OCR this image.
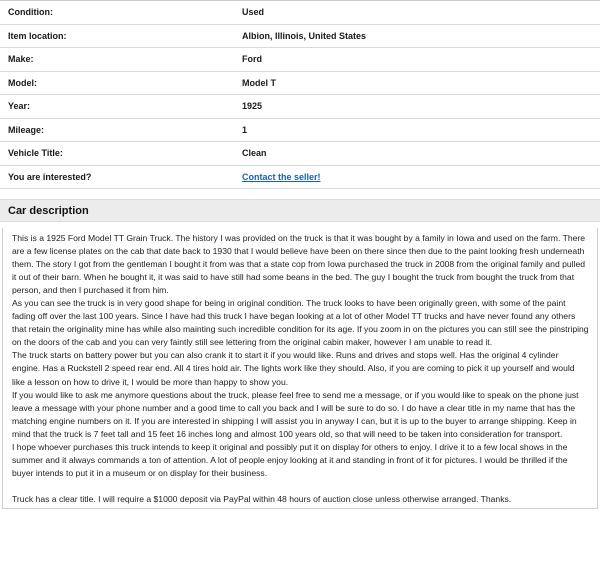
Condition:	Used
Item location:	Albion, Illinois, United States
Make:	Ford
Model:	Model T
Year:	1925
Mileage:	1
Vehicle Title:	Clean
You are interested?	Contact the seller!
Car description

This is a 1925 Ford Model TT Grain Truck. The history I was provided on the truck is that it was bought by a family in Iowa and used on the farm. There are a few license plates on the cab that date back to 1930 that I would believe have been on there since then due to the paint looking fresh underneath them. The story I got from the gentleman I bought it from was that a state cop from Iowa purchased the truck in 2008 from the original family and pulled it out of their barn. When he bought it, it was said to have still had some beans in the bed. The guy I bought the truck from bought the truck from that person, and then I purchased it from him.

As you can see the truck is in very good shape for being in original condition. The truck looks to have been originally green, with some of the paint fading off over the last 100 years. Since I have had this truck I have began looking at a lot of other Model TT trucks and have never found any others that retain the originality mine has while also mainting such incredible condition for its age. If you zoom in on the pictures you can still see the pinstriping on the doors of the cab and you can very faintly still see lettering from the original cabin maker, however I am unable to read it.

The truck starts on battery power but you can also crank it to start it if you would like. Runs and drives and stops well. Has the original 4 cylinder engine. Has a Ruckstell 2 speed rear end. All 4 tires hold air. The lights work like they should. Also, if you are coming to pick it up yourself and would like a lesson on how to drive it, I would be more than happy to show you.

If you would like to ask me anymore questions about the truck, please feel free to send me a message, or if you would like to speak on the phone just leave a message with your phone number and a good time to call you back and I will be sure to do so. I do have a clear title in my name that has the matching engine numbers on it. If you are interested in shipping I will assist you in anyway I can, but it is up to the buyer to arrange shipping. Keep in mind that the truck is 7 feet tall and 15 feet 16 inches long and almost 100 years old, so that will need to be taken into consideration for transport.

I hope whoever purchases this truck intends to keep it original and possibly put it on display for others to enjoy. I drive it to a few local shows in the summer and it always commands a ton of attention. A lot of people enjoy looking at it and standing in front of it for pictures. I would be thrilled if the buyer intends to put it in a museum or on display for their business.

Truck has a clear title. I will require a $1000 deposit via PayPal within 48 hours of auction close unless otherwise arranged. Thanks.
